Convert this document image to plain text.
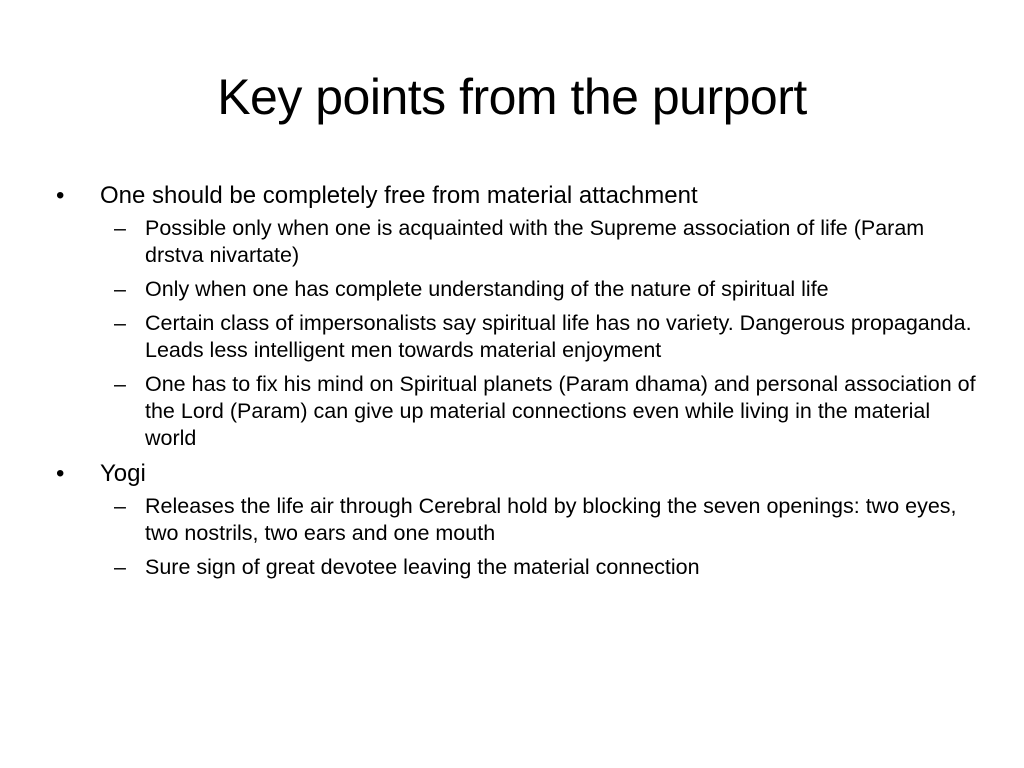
Key points from the purport
•	One should be completely free from material attachment
– Possible only when one is acquainted with the Supreme association of life (Param drstva nivartate)
– Only when one has complete understanding of the nature of spiritual life
– Certain class of impersonalists say spiritual life has no variety. Dangerous propaganda. Leads less intelligent men towards material enjoyment
– One has to fix his mind on Spiritual planets (Param dhama) and personal association of the Lord (Param) can give up material connections even while living in the material world
•	Yogi
– Releases the life air through Cerebral hold by blocking the seven openings: two eyes, two nostrils, two ears and one mouth
– Sure sign of great devotee leaving the material connection
